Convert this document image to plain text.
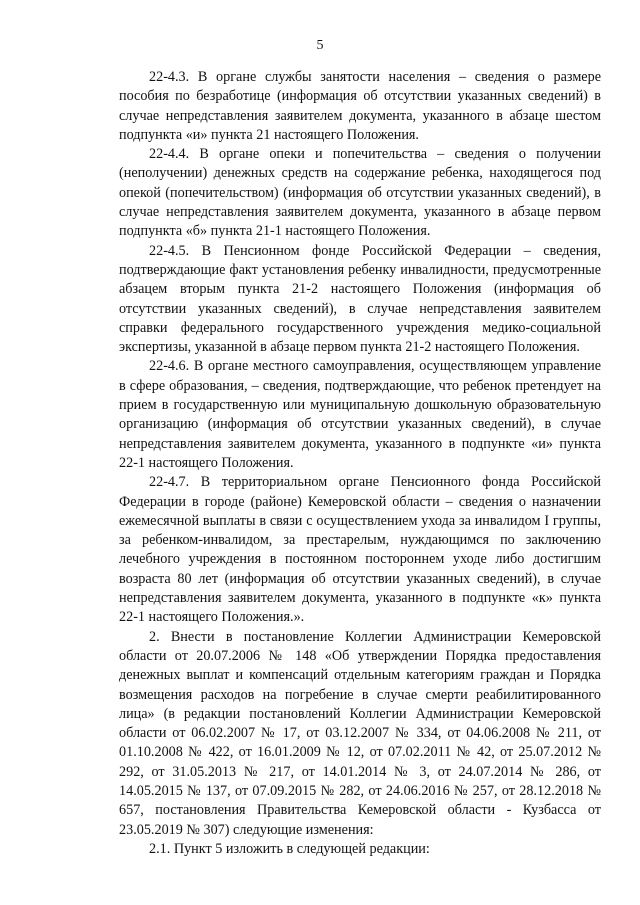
5

22-4.3. В органе службы занятости населения – сведения о размере пособия по безработице (информация об отсутствии указанных сведений) в случае непредставления заявителем документа, указанного в абзаце шестом подпункта «и» пункта 21 настоящего Положения.

22-4.4. В органе опеки и попечительства – сведения о получении (неполучении) денежных средств на содержание ребенка, находящегося под опекой (попечительством) (информация об отсутствии указанных сведений), в случае непредставления заявителем документа, указанного в абзаце первом подпункта «б» пункта 21-1 настоящего Положения.

22-4.5. В Пенсионном фонде Российской Федерации – сведения, подтверждающие факт установления ребенку инвалидности, предусмотренные абзацем вторым пункта 21-2 настоящего Положения (информация об отсутствии указанных сведений), в случае непредставления заявителем справки федерального государственного учреждения медико-социальной экспертизы, указанной в абзаце первом пункта 21-2 настоящего Положения.

22-4.6. В органе местного самоуправления, осуществляющем управление в сфере образования, – сведения, подтверждающие, что ребенок претендует на прием в государственную или муниципальную дошкольную образовательную организацию (информация об отсутствии указанных сведений), в случае непредставления заявителем документа, указанного в подпункте «и» пункта 22-1 настоящего Положения.

22-4.7. В территориальном органе Пенсионного фонда Российской Федерации в городе (районе) Кемеровской области – сведения о назначении ежемесячной выплаты в связи с осуществлением ухода за инвалидом I группы, за ребенком-инвалидом, за престарелым, нуждающимся по заключению лечебного учреждения в постоянном постороннем уходе либо достигшим возраста 80 лет (информация об отсутствии указанных сведений), в случае непредставления заявителем документа, указанного в подпункте «к» пункта 22-1 настоящего Положения.».

2. Внести в постановление Коллегии Администрации Кемеровской области от 20.07.2006 № 148 «Об утверждении Порядка предоставления денежных выплат и компенсаций отдельным категориям граждан и Порядка возмещения расходов на погребение в случае смерти реабилитированного лица» (в редакции постановлений Коллегии Администрации Кемеровской области от 06.02.2007 № 17, от 03.12.2007 № 334, от 04.06.2008 № 211, от 01.10.2008 № 422, от 16.01.2009 № 12, от 07.02.2011 № 42, от 25.07.2012 № 292, от 31.05.2013 № 217, от 14.01.2014 № 3, от 24.07.2014 № 286, от 14.05.2015 № 137, от 07.09.2015 № 282, от 24.06.2016 № 257, от 28.12.2018 № 657, постановления Правительства Кемеровской области - Кузбасса от 23.05.2019 № 307) следующие изменения:

2.1. Пункт 5 изложить в следующей редакции:
